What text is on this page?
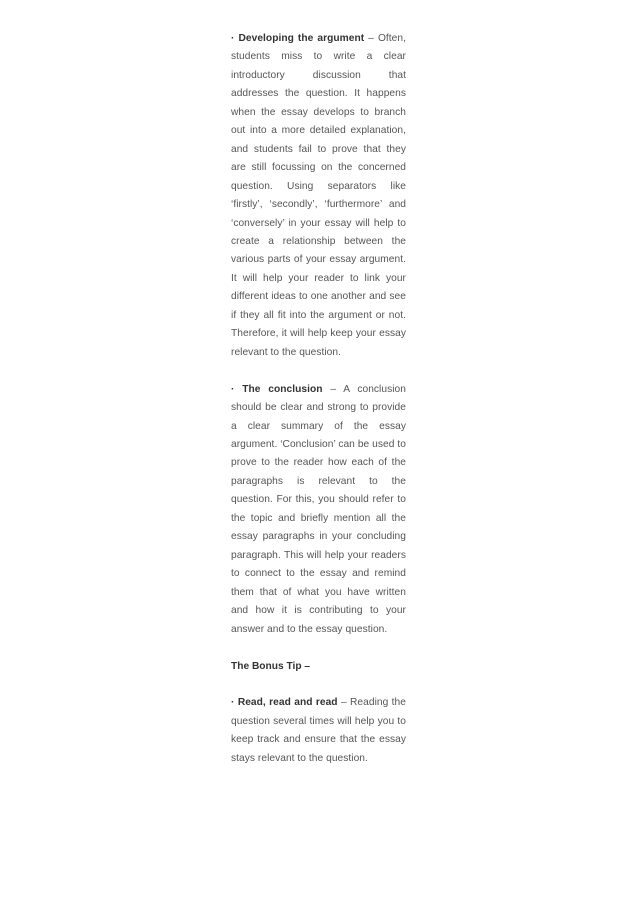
· Developing the argument – Often, students miss to write a clear introductory discussion that addresses the question. It happens when the essay develops to branch out into a more detailed explanation, and students fail to prove that they are still focussing on the concerned question. Using separators like ‘firstly’, ‘secondly’, ‘furthermore’ and ‘conversely’ in your essay will help to create a relationship between the various parts of your essay argument. It will help your reader to link your different ideas to one another and see if they all fit into the argument or not. Therefore, it will help keep your essay relevant to the question.

· The conclusion – A conclusion should be clear and strong to provide a clear summary of the essay argument. ‘Conclusion’ can be used to prove to the reader how each of the paragraphs is relevant to the question. For this, you should refer to the topic and briefly mention all the essay paragraphs in your concluding paragraph. This will help your readers to connect to the essay and remind them that of what you have written and how it is contributing to your answer and to the essay question.

The Bonus Tip –

· Read, read and read – Reading the question several times will help you to keep track and ensure that the essay stays relevant to the question.
